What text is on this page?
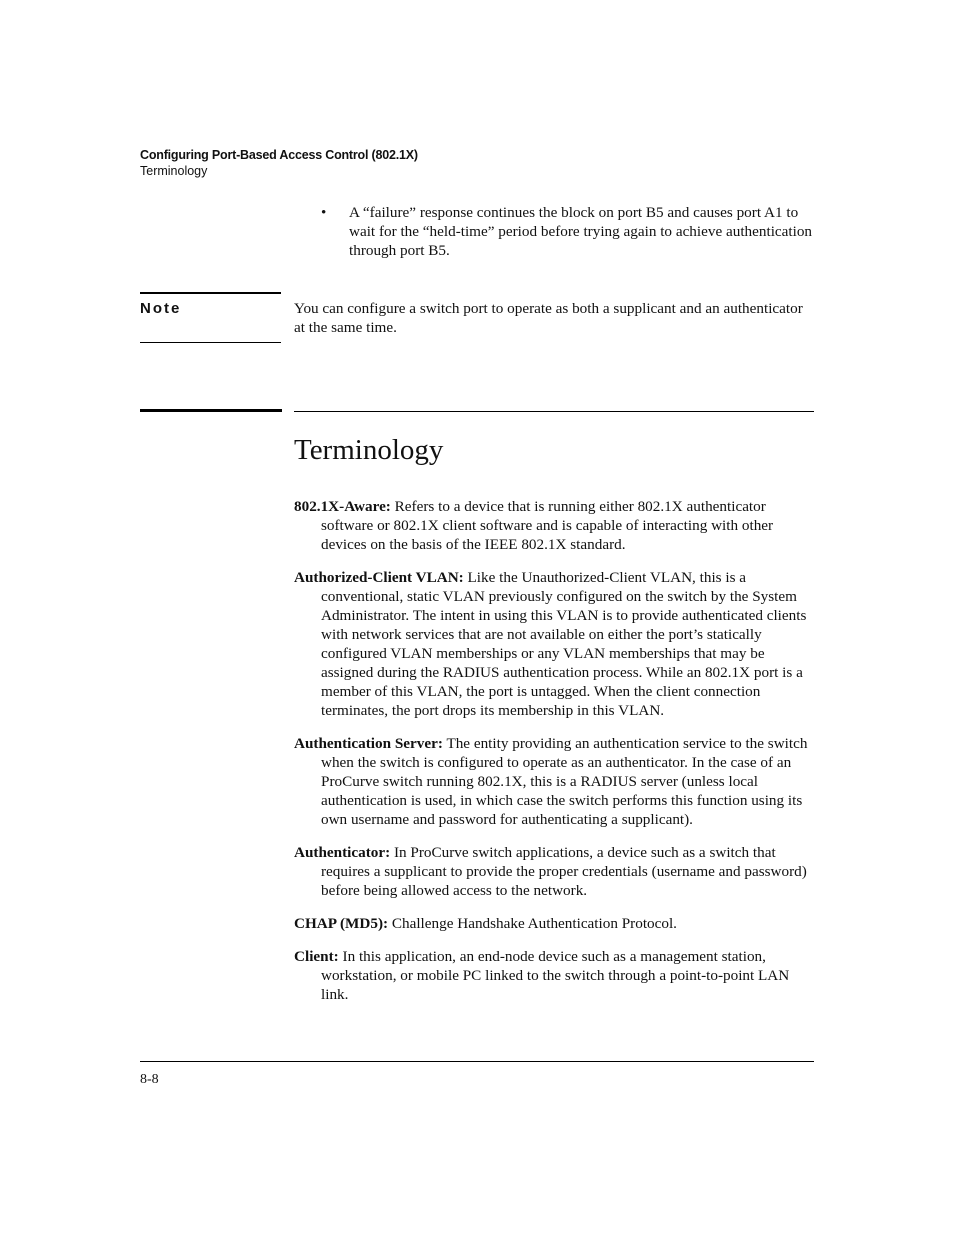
Configuring Port-Based Access Control (802.1X)
Terminology
• A “failure” response continues the block on port B5 and causes port A1 to wait for the “held-time” period before trying again to achieve authentication through port B5.
Note	You can configure a switch port to operate as both a supplicant and an authenticator at the same time.
Terminology

802.1X-Aware: Refers to a device that is running either 802.1X authenticator software or 802.1X client software and is capable of interacting with other devices on the basis of the IEEE 802.1X standard.

Authorized-Client VLAN: Like the Unauthorized-Client VLAN, this is a conventional, static VLAN previously configured on the switch by the System Administrator. The intent in using this VLAN is to provide authenticated clients with network services that are not available on either the port’s statically configured VLAN memberships or any VLAN memberships that may be assigned during the RADIUS authentication process. While an 802.1X port is a member of this VLAN, the port is untagged. When the client connection terminates, the port drops its membership in this VLAN.

Authentication Server: The entity providing an authentication service to the switch when the switch is configured to operate as an authenticator. In the case of an ProCurve switch running 802.1X, this is a RADIUS server (unless local authentication is used, in which case the switch performs this function using its own username and password for authenticating a supplicant).

Authenticator: In ProCurve switch applications, a device such as a switch that requires a supplicant to provide the proper credentials (username and password) before being allowed access to the network.

CHAP (MD5): Challenge Handshake Authentication Protocol.

Client: In this application, an end-node device such as a management station, workstation, or mobile PC linked to the switch through a point-to-point LAN link.

8-8
